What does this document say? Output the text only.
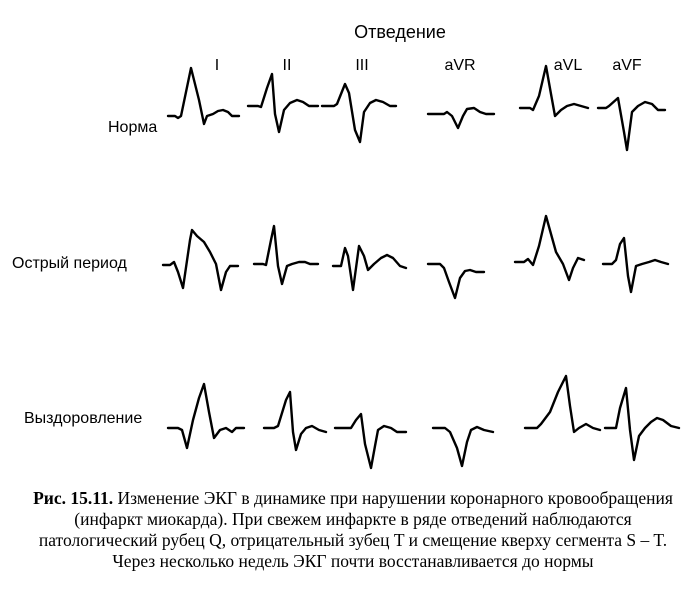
Отведение
I	II	III	aVR	aVL aVF
Норма
Острый период
Выздоровление
Рис. 15.11. Изменение ЭКГ в динамике при нарушении коронарного кровообращения (инфаркт миокарда). При свежем инфаркте в ряде отведений наблюдаются патологический рубец Q, отрицательный зубец T и смещение кверху сегмента S – T. Через несколько недель ЭКГ почти восстанавливается до нормы
